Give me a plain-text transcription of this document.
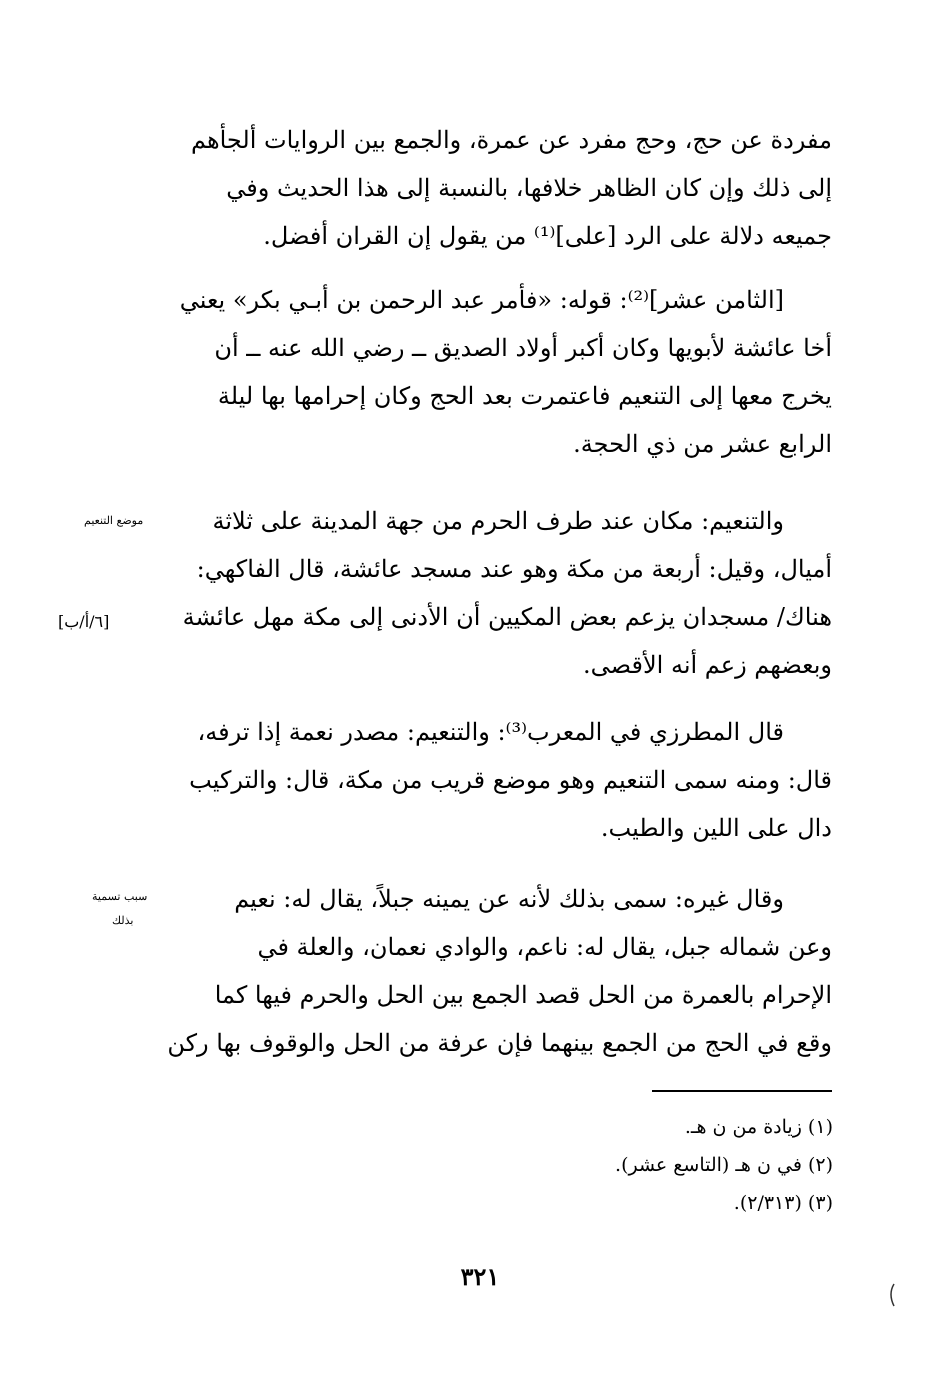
مفردة عن حج، وحج مفرد عن عمرة، والجمع بين الروايات ألجأهم
إلى ذلك وإن كان الظاهر خلافها، بالنسبة إلى هذا الحديث وفي
جميعه دلالة على الرد [على]⁽¹⁾ من يقول إن القران أفضل.
[الثامن عشر]⁽²⁾: قوله: «فأمر عبد الرحمن بن أبـي بكر» يعني
أخا عائشة لأبويها وكان أكبر أولاد الصديق ــ رضي الله عنه ــ أن
يخرج معها إلى التنعيم فاعتمرت بعد الحج وكان إحرامها بها ليلة
الرابع عشر من ذي الحجة.
والتنعيم: مكان عند طرف الحرم من جهة المدينة على ثلاثة
أميال، وقيل: أربعة من مكة وهو عند مسجد عائشة، قال الفاكهي:
هناك/ مسجدان يزعم بعض المكيين أن الأدنى إلى مكة مهل عائشة
وبعضهم زعم أنه الأقصى.
قال المطرزي في المعرب⁽³⁾: والتنعيم: مصدر نعمة إذا ترفه،
قال: ومنه سمى التنعيم وهو موضع قريب من مكة، قال: والتركيب
دال على اللين والطيب.
وقال غيره: سمى بذلك لأنه عن يمينه جبلاً، يقال له: نعيم
وعن شماله جبل، يقال له: ناعم، والوادي نعمان، والعلة في
الإحرام بالعمرة من الحل قصد الجمع بين الحل والحرم فيها كما
وقع في الحج من الجمع بينهما فإن عرفة من الحل والوقوف بها ركن
موضع التنعيم
سبب تسمية
بذلك
[٦/أ/ب]
(١) زيادة من ن هـ.
(٢) في ن هـ (التاسع عشر).
(٣) (٢/٣١٣).
٣٢١
